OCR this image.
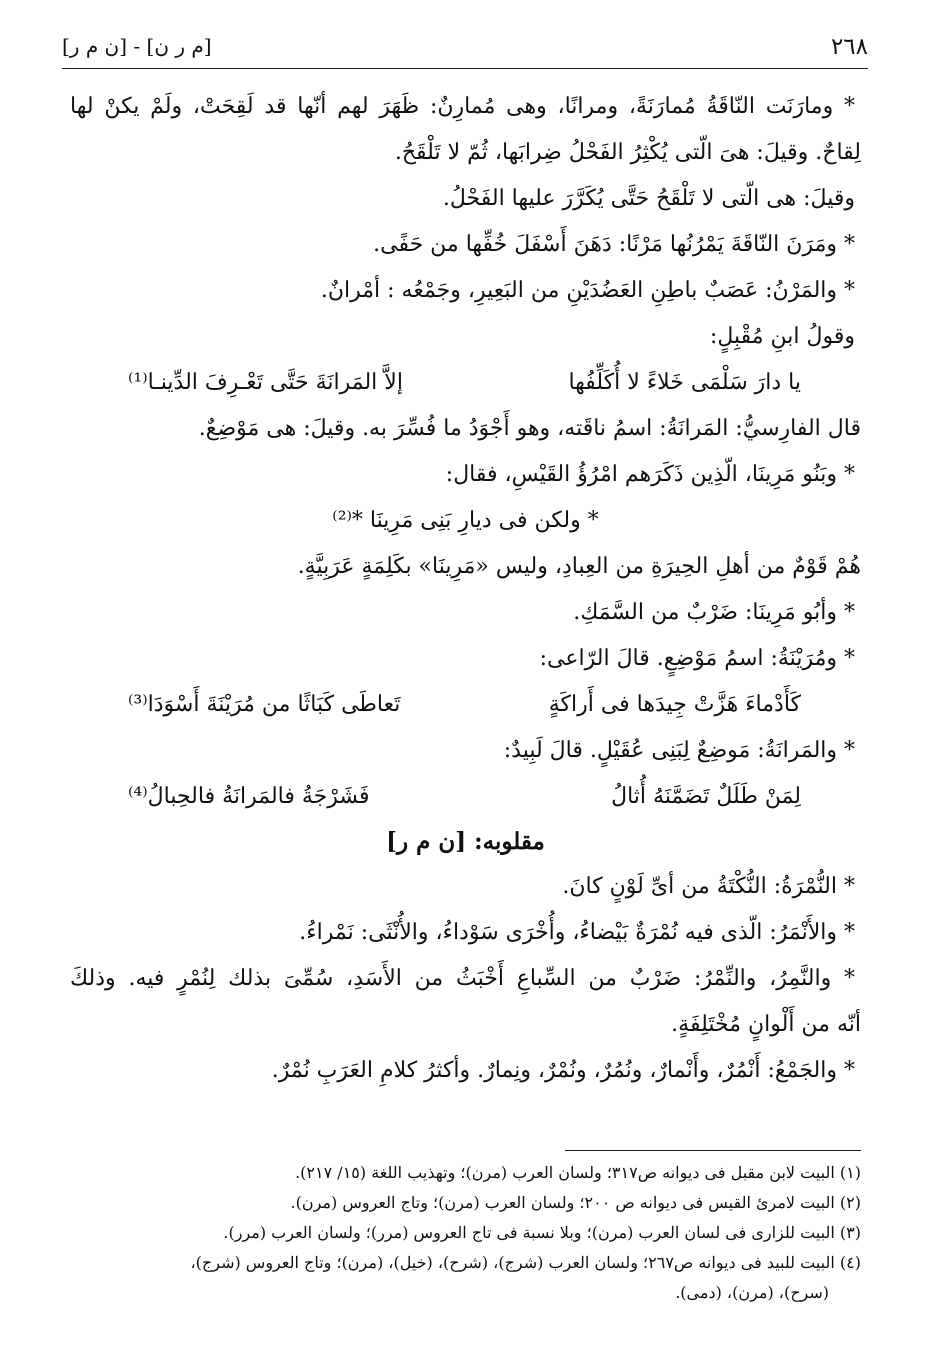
٢٦٨
[م ر ن] - [ن م ر]
* ومارَنَت النّاقَةُ مُمارَنَةً، ومرانًا، وهى مُمارِنٌ: ظَهَرَ لهم أنّها قد لَقِحَتْ، ولَمْ يكنْ لها
لِقاحٌ. وقيلَ: هىَ الّتى يُكْثِرُ الفَحْلُ ضِرابَها، ثُمّ لا تَلْقَحُ.
وقيلَ: هى الّتى لا تَلْقَحُ حَتَّى يُكَرَّرَ عليها الفَحْلُ.
* ومَرَنَ النّاقَةَ يَمْرُنُها مَرْنًا: دَهَنَ أَسْفَلَ خُفِّها من حَفًى.
* والمَرْنُ: عَصَبٌ باطِنِ العَضُدَيْنِ من البَعِيرِ، وجَمْعُه : أمْرانٌ.
وقولُ ابنِ مُقْبِلٍ:
يا دارَ سَلْمَى خَلاءً لا أُكَلِّفُها
إلاَّ المَرانَةَ حَتَّى تَعْـرِفَ الدِّينـا⁽¹⁾
قال الفارِسيُّ: المَرانَةُ: اسمُ ناقَته، وهو أَجْوَدُ ما فُسِّرَ به. وقيلَ: هى مَوْضِعٌ.
* وبَنُو مَرِينَا، الّذِين ذَكَرَهم امْرُؤُ القَيْسِ، فقال:
* ولكن فى ديارِ بَنِى مَرِينَا *⁽²⁾
هُمْ قَوْمٌ من أهلِ الحِيرَةِ من العِبادِ، وليس «مَرِينَا» بكَلِمَةٍ عَرَبِيَّةٍ.
* وأبُو مَرِينَا: ضَرْبٌ من السَّمَكِ.
* ومُرَيْنَةُ: اسمُ مَوْضِعٍ. قالَ الرّاعى:
كَأَدْماءَ هَزَّتْ جِيدَها فى أَراكَةٍ
تَعاطَى كَبَاثًا من مُرَيْنَةَ أَسْوَدَا⁽³⁾
* والمَرانَةُ: مَوضِعٌ لِبَنِى عُقَيْلٍ. قالَ لَبِيدٌ:
لِمَنْ طَلَلٌ تَضَمَّنَهُ أُثالُ
فَشَرْجَةُ فالمَرانَةُ فالحِبالُ⁽⁴⁾
مقلوبه: [ن م ر]
* النُّمْرَةُ: النُّكْتَةُ من أىِّ لَوْنٍ كانَ.
* والأَنْمَرُ: الّذى فيه نُمْرَةٌ بَيْضاءُ، وأُخْرَى سَوْداءُ، والأُنْثَى: نَمْراءُ.
* والنَّمِرُ، والنِّمْرُ: ضَرْبٌ من السِّباعِ أَخْبَثُ من الأَسَدِ، سُمِّىَ بذلك لِنُمْرٍ فيه. وذلكَ
أنّه من أَلْوانٍ مُخْتَلِفَةٍ.
* والجَمْعُ: أَنْمُرٌ، وأَنْمارٌ، ونُمُرٌ، ونُمْرٌ، ونِمارٌ. وأكثرُ كلامِ العَرَبِ نُمْرٌ.
(١) البيت لابن مقبل فى ديوانه ص٣١٧؛ ولسان العرب (مرن)؛ وتهذيب اللغة (١٥/ ٢١٧).
(٢) البيت لامرئ القيس فى ديوانه ص ٢٠٠؛ ولسان العرب (مرن)؛ وتاج العروس (مرن).
(٣) البيت للزارى فى لسان العرب (مرن)؛ وبلا نسبة فى تاج العروس (مرر)؛ ولسان العرب (مرر).
(٤) البيت للبيد فى ديوانه ص٢٦٧؛ ولسان العرب (شرج)، (شرح)، (خيل)، (مرن)؛ وتاج العروس (شرج)،
(سرح)، (مرن)، (دمى).
